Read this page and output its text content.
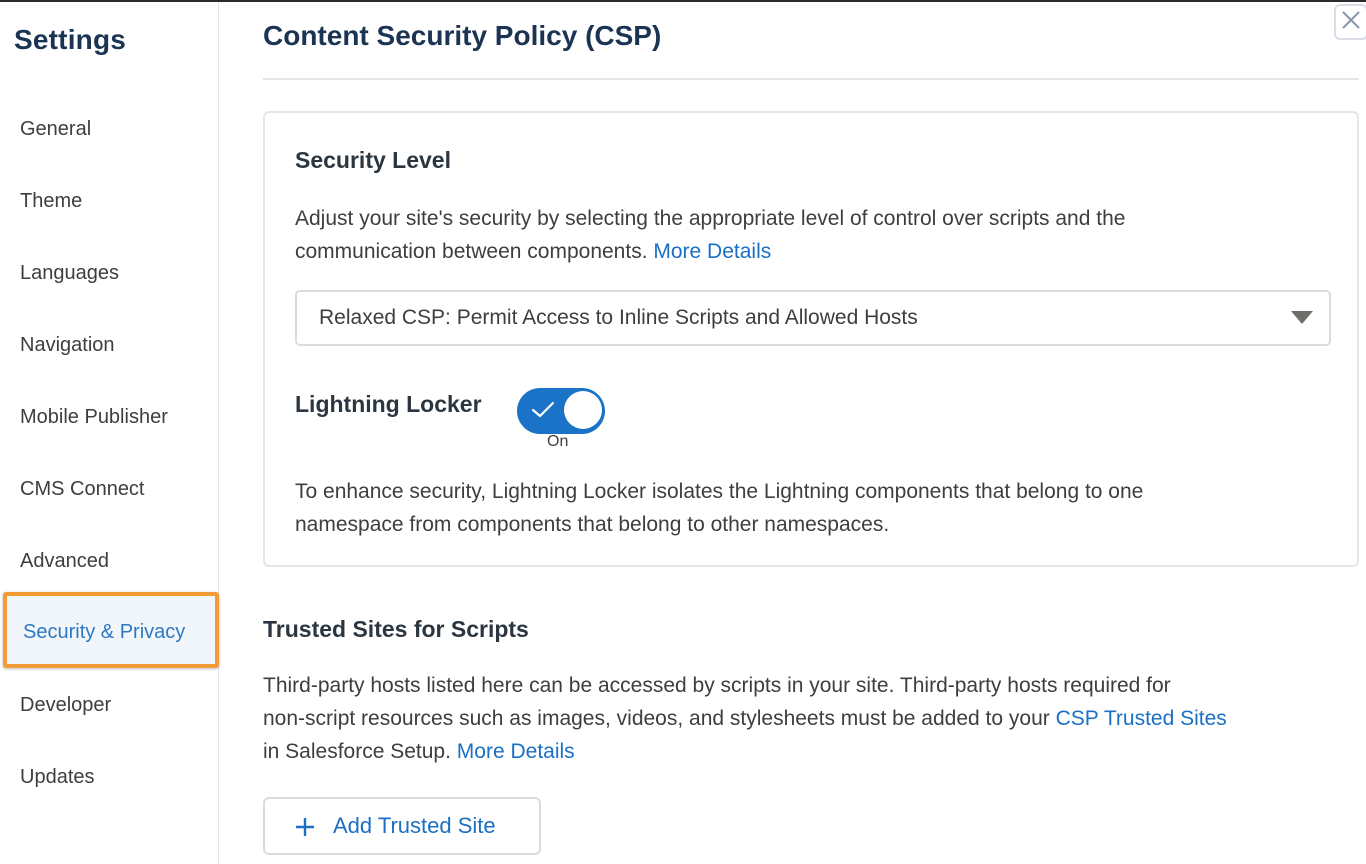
Settings
General
Theme
Languages
Navigation
Mobile Publisher
CMS Connect
Advanced
Security & Privacy
Developer
Updates
Content Security Policy (CSP)
Security Level
Adjust your site's security by selecting the appropriate level of control over scripts and the
communication between components. More Details
Relaxed CSP: Permit Access to Inline Scripts and Allowed Hosts
Lightning Locker
On
To enhance security, Lightning Locker isolates the Lightning components that belong to one
namespace from components that belong to other namespaces.
Trusted Sites for Scripts
Third-party hosts listed here can be accessed by scripts in your site. Third-party hosts required for
non-script resources such as images, videos, and stylesheets must be added to your CSP Trusted Sites
in Salesforce Setup. More Details
Add Trusted Site
